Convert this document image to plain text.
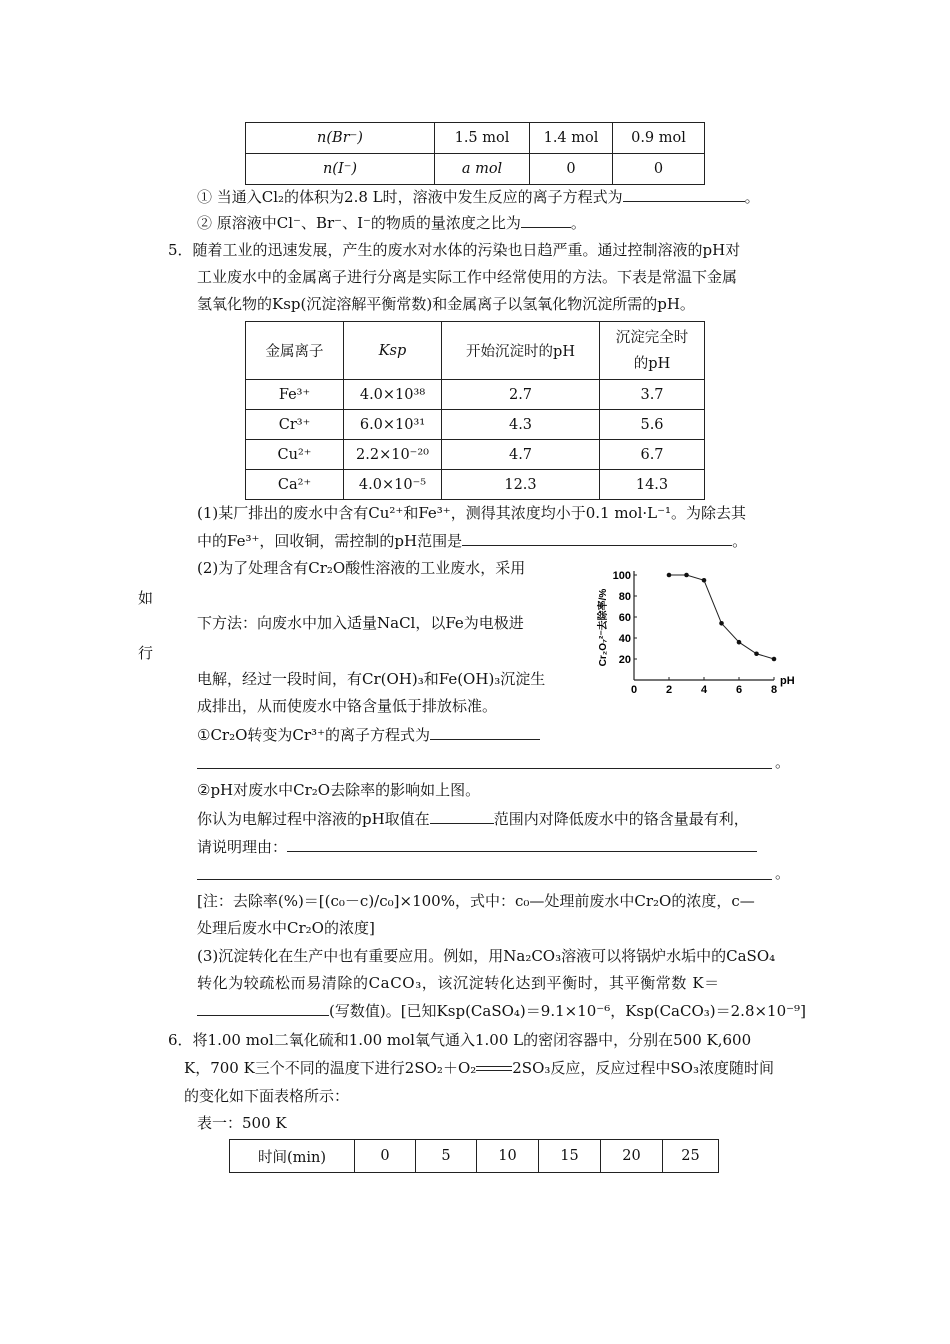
n(Br⁻)	1.5 mol	1.4 mol	0.9 mol
n(I⁻)	a mol	0	0
① 当通入Cl₂的体积为2.8 L时，溶液中发生反应的离子方程式为	。
② 原溶液中Cl⁻、Br⁻、I⁻的物质的量浓度之比为	。
5．随着工业的迅速发展，产生的废水对水体的污染也日趋严重。通过控制溶液的pH对
工业废水中的金属离子进行分离是实际工作中经常使用的方法。下表是常温下金属
氢氧化物的Ksp(沉淀溶解平衡常数)和金属离子以氢氧化物沉淀所需的pH。
金属离子	Ksp	开始沉淀时的pH	沉淀完全时
的pH
Fe³⁺	4.0×10³⁸	2.7	3.7
Cr³⁺	6.0×10³¹	4.3	5.6
Cu²⁺	2.2×10⁻²⁰	4.7	6.7
Ca²⁺	4.0×10⁻⁵	12.3	14.3
(1)某厂排出的废水中含有Cu²⁺和Fe³⁺，测得其浓度均小于0.1 mol·L⁻¹。为除去其
中的Fe³⁺，回收铜，需控制的pH范围是	。
(2)为了处理含有Cr₂O酸性溶液的工业废水，采用
如
下方法：向废水中加入适量NaCl，以Fe为电极进
行
电解，经过一段时间，有Cr(OH)₃和Fe(OH)₃沉淀生
成排出，从而使废水中铬含量低于排放标准。
①Cr₂O转变为Cr³⁺的离子方程式为
。
②pH对废水中Cr₂O去除率的影响如上图。
你认为电解过程中溶液的pH取值在	范围内对降低废水中的铬含量最有利，
请说明理由：
。
[注：去除率(%)＝[(c₀－c)/c₀]×100%，式中：c₀—处理前废水中Cr₂O的浓度，c—
处理后废水中Cr₂O的浓度]
(3)沉淀转化在生产中也有重要应用。例如，用Na₂CO₃溶液可以将锅炉水垢中的CaSO₄
转化为较疏松而易清除的CaCO₃，该沉淀转化达到平衡时，其平衡常数 K＝
(写数值)。[已知Ksp(CaSO₄)＝9.1×10⁻⁶，Ksp(CaCO₃)＝2.8×10⁻⁹]
6．将1.00 mol二氧化硫和1.00 mol氧气通入1.00 L的密闭容器中，分别在500 K,600
K，700 K三个不同的温度下进行2SO₂＋O₂ 2SO₃反应，反应过程中SO₃浓度随时间
的变化如下面表格所示：
表一：500 K
时间(min)	0	5	10	15	20	25
0	2	4	6	8
20
40
60
80
100
pH
Cr₂O₇²⁻去除率/%
